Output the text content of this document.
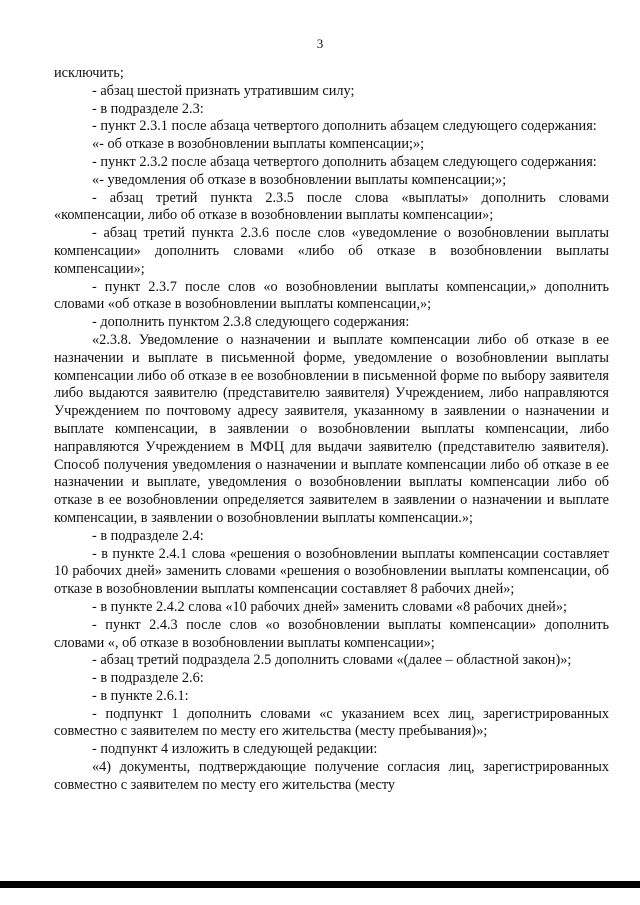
3

исключить;

- абзац шестой признать утратившим силу;

- в подразделе 2.3:

- пункт 2.3.1 после абзаца четвертого дополнить абзацем следующего содержания:

«- об отказе в возобновлении выплаты компенсации;»;

- пункт 2.3.2 после абзаца четвертого дополнить абзацем следующего содержания:

«- уведомления об отказе в возобновлении выплаты компенсации;»;

- абзац третий пункта 2.3.5 после слова «выплаты» дополнить словами «компенсации, либо об отказе в возобновлении выплаты компенсации»;

- абзац третий пункта 2.3.6 после слов «уведомление о возобновлении выплаты компенсации» дополнить словами «либо об отказе в возобновлении выплаты компенсации»;

- пункт 2.3.7 после слов «о возобновлении выплаты компенсации,» дополнить словами «об отказе в возобновлении выплаты компенсации,»;

- дополнить пунктом 2.3.8 следующего содержания:

«2.3.8. Уведомление о назначении и выплате компенсации либо об отказе в ее назначении и выплате в письменной форме, уведомление о возобновлении выплаты компенсации либо об отказе в ее возобновлении в письменной форме по выбору заявителя либо выдаются заявителю (представителю заявителя) Учреждением, либо направляются Учреждением по почтовому адресу заявителя, указанному в заявлении о назначении и выплате компенсации, в заявлении о возобновлении выплаты компенсации, либо направляются Учреждением в МФЦ для выдачи заявителю (представителю заявителя). Способ получения уведомления о назначении и выплате компенсации либо об отказе в ее назначении и выплате, уведомления о возобновлении выплаты компенсации либо об отказе в ее возобновлении определяется заявителем в заявлении о назначении и выплате компенсации, в заявлении о возобновлении выплаты компенсации.»;

- в подразделе 2.4:

- в пункте 2.4.1 слова «решения о возобновлении выплаты компенсации составляет 10 рабочих дней» заменить словами «решения о возобновлении выплаты компенсации, об отказе в возобновлении выплаты компенсации составляет 8 рабочих дней»;

- в пункте 2.4.2 слова «10 рабочих дней» заменить словами «8 рабочих дней»;

- пункт 2.4.3 после слов «о возобновлении выплаты компенсации» дополнить словами «, об отказе в возобновлении выплаты компенсации»;

- абзац третий подраздела 2.5 дополнить словами «(далее – областной закон)»;

- в подразделе 2.6:

- в пункте 2.6.1:

- подпункт 1 дополнить словами «с указанием всех лиц, зарегистрированных совместно с заявителем по месту его жительства (месту пребывания)»;

- подпункт 4 изложить в следующей редакции:

«4) документы, подтверждающие получение согласия лиц, зарегистрированных совместно с заявителем по месту его жительства (месту
